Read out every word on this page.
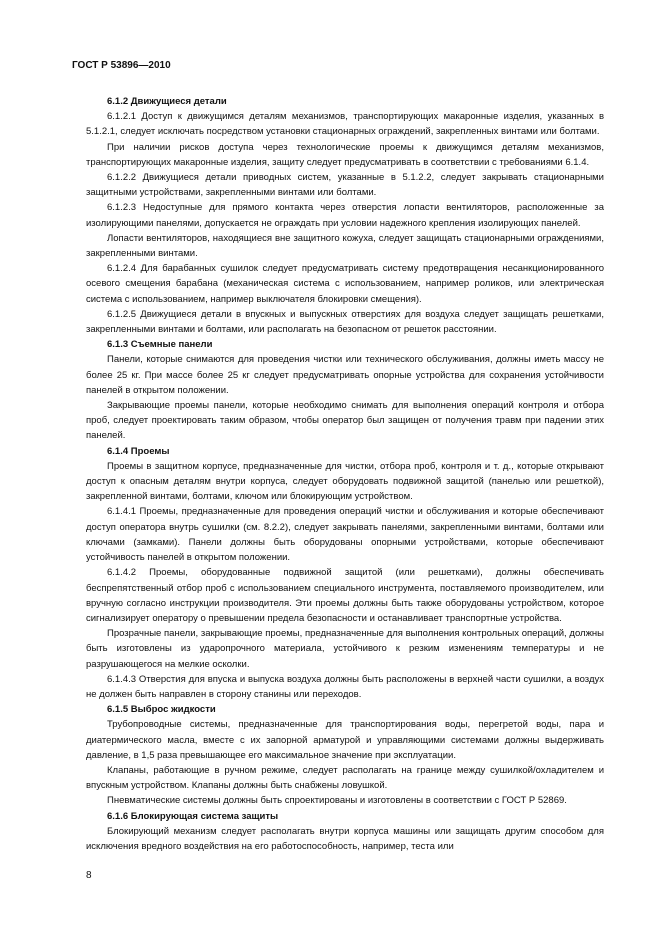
ГОСТ Р 53896—2010
6.1.2 Движущиеся детали

6.1.2.1 Доступ к движущимся деталям механизмов, транспортирующих макаронные изделия, указанных в 5.1.2.1, следует исключать посредством установки стационарных ограждений, закрепленных винтами или болтами.

При наличии рисков доступа через технологические проемы к движущимся деталям механизмов, транспортирующих макаронные изделия, защиту следует предусматривать в соответствии с требованиями 6.1.4.

6.1.2.2 Движущиеся детали приводных систем, указанные в 5.1.2.2, следует закрывать стационарными защитными устройствами, закрепленными винтами или болтами.

6.1.2.3 Недоступные для прямого контакта через отверстия лопасти вентиляторов, расположенные за изолирующими панелями, допускается не ограждать при условии надежного крепления изолирующих панелей.

Лопасти вентиляторов, находящиеся вне защитного кожуха, следует защищать стационарными ограждениями, закрепленными винтами.

6.1.2.4 Для барабанных сушилок следует предусматривать систему предотвращения несанкционированного осевого смещения барабана (механическая система с использованием, например роликов, или электрическая система с использованием, например выключателя блокировки смещения).

6.1.2.5 Движущиеся детали в впускных и выпускных отверстиях для воздуха следует защищать решетками, закрепленными винтами и болтами, или располагать на безопасном от решеток расстоянии.

6.1.3 Съемные панели

Панели, которые снимаются для проведения чистки или технического обслуживания, должны иметь массу не более 25 кг. При массе более 25 кг следует предусматривать опорные устройства для сохранения устойчивости панелей в открытом положении.

Закрывающие проемы панели, которые необходимо снимать для выполнения операций контроля и отбора проб, следует проектировать таким образом, чтобы оператор был защищен от получения травм при падении этих панелей.

6.1.4 Проемы

Проемы в защитном корпусе, предназначенные для чистки, отбора проб, контроля и т. д., которые открывают доступ к опасным деталям внутри корпуса, следует оборудовать подвижной защитой (панелью или решеткой), закрепленной винтами, болтами, ключом или блокирующим устройством.

6.1.4.1 Проемы, предназначенные для проведения операций чистки и обслуживания и которые обеспечивают доступ оператора внутрь сушилки (см. 8.2.2), следует закрывать панелями, закрепленными винтами, болтами или ключами (замками). Панели должны быть оборудованы опорными устройствами, которые обеспечивают устойчивость панелей в открытом положении.

6.1.4.2 Проемы, оборудованные подвижной защитой (или решетками), должны обеспечивать беспрепятственный отбор проб с использованием специального инструмента, поставляемого производителем, или вручную согласно инструкции производителя. Эти проемы должны быть также оборудованы устройством, которое сигнализирует оператору о превышении предела безопасности и останавливает транспортные устройства.

Прозрачные панели, закрывающие проемы, предназначенные для выполнения контрольных операций, должны быть изготовлены из ударопрочного материала, устойчивого к резким изменениям температуры и не разрушающегося на мелкие осколки.

6.1.4.3 Отверстия для впуска и выпуска воздуха должны быть расположены в верхней части сушилки, а воздух не должен быть направлен в сторону станины или переходов.

6.1.5 Выброс жидкости

Трубопроводные системы, предназначенные для транспортирования воды, перегретой воды, пара и диатермического масла, вместе с их запорной арматурой и управляющими системами должны выдерживать давление, в 1,5 раза превышающее его максимальное значение при эксплуатации.

Клапаны, работающие в ручном режиме, следует располагать на границе между сушилкой/охладителем и впускным устройством. Клапаны должны быть снабжены ловушкой.

Пневматические системы должны быть спроектированы и изготовлены в соответствии с ГОСТ Р 52869.

6.1.6 Блокирующая система защиты

Блокирующий механизм следует располагать внутри корпуса машины или защищать другим способом для исключения вредного воздействия на его работоспособность, например, теста или

8
